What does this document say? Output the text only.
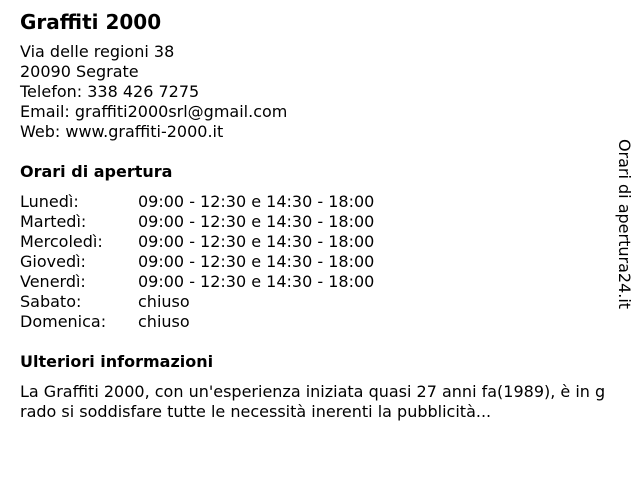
Graffiti 2000
Via delle regioni 38
20090 Segrate
Telefon: 338 426 7275
Email: graffiti2000srl@gmail.com
Web: www.graffiti-2000.it
Orari di apertura
Lunedì:	09:00 - 12:30 e 14:30 - 18:00
Martedì:	09:00 - 12:30 e 14:30 - 18:00
Mercoledì:	09:00 - 12:30 e 14:30 - 18:00
Giovedì:	09:00 - 12:30 e 14:30 - 18:00
Venerdì:	09:00 - 12:30 e 14:30 - 18:00
Sabato:	chiuso
Domenica:	chiuso
Ulteriori informazioni

La Graffiti 2000, con un'esperienza iniziata quasi 27 anni fa(1989), è in grado si soddisfare tutte le necessità inerenti la pubblicità...

Orari di apertura24.it
